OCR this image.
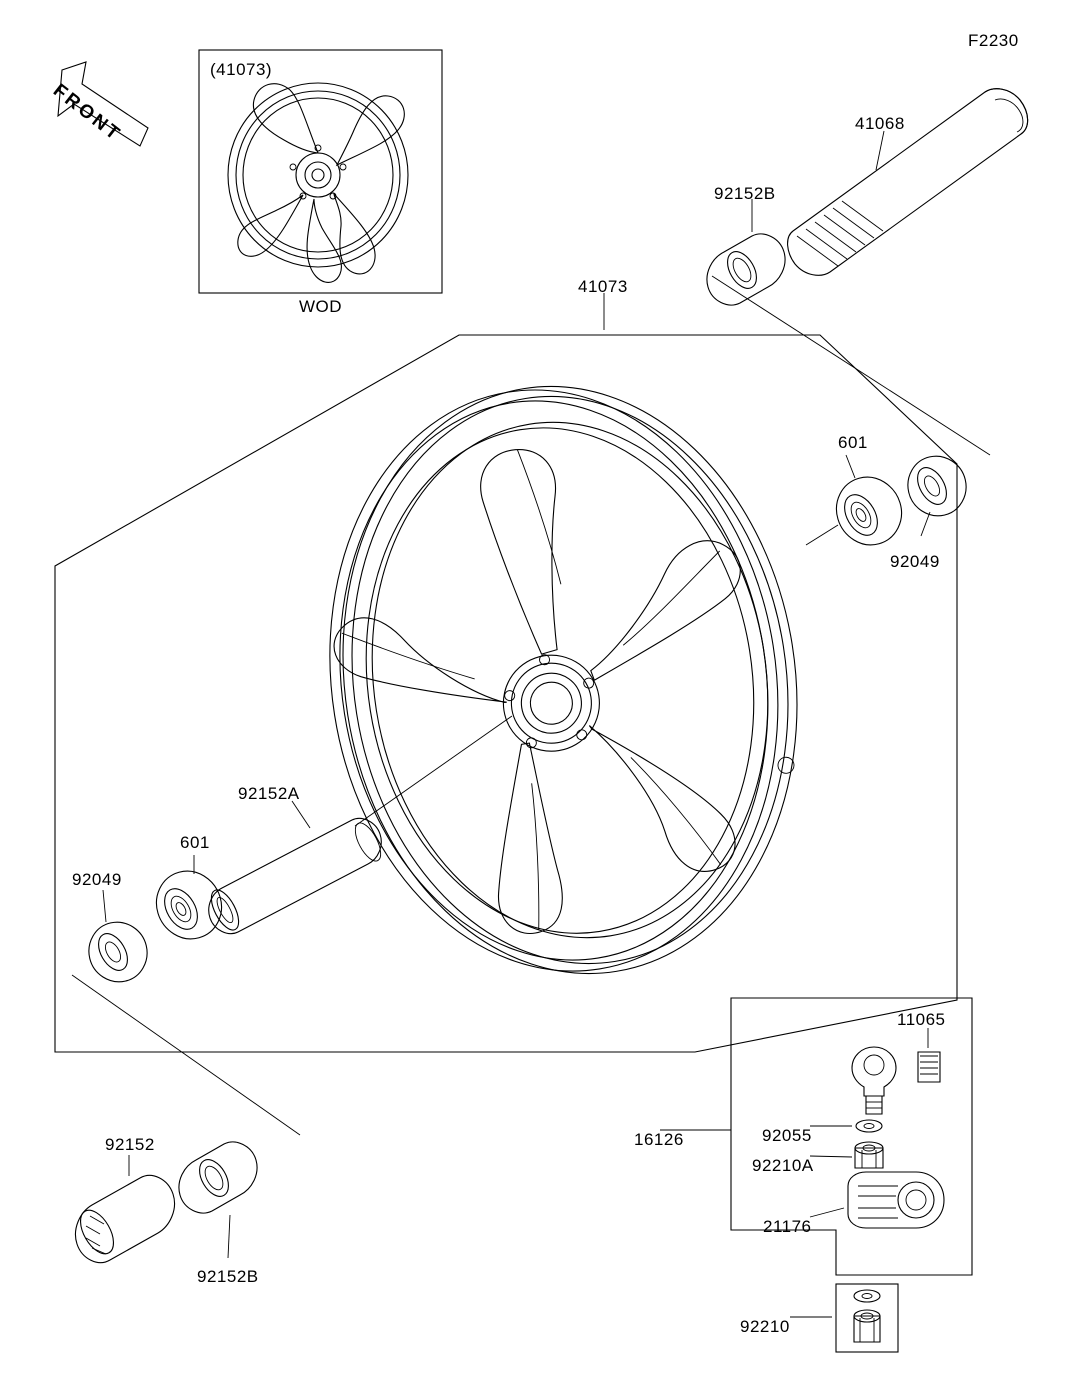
F2230
FRONT
(41073)
WOD
41073
41068
92152B
601
92049
92152A
601
92049
92152
92152B
16126
11065
92055
92210A
21176
92210
